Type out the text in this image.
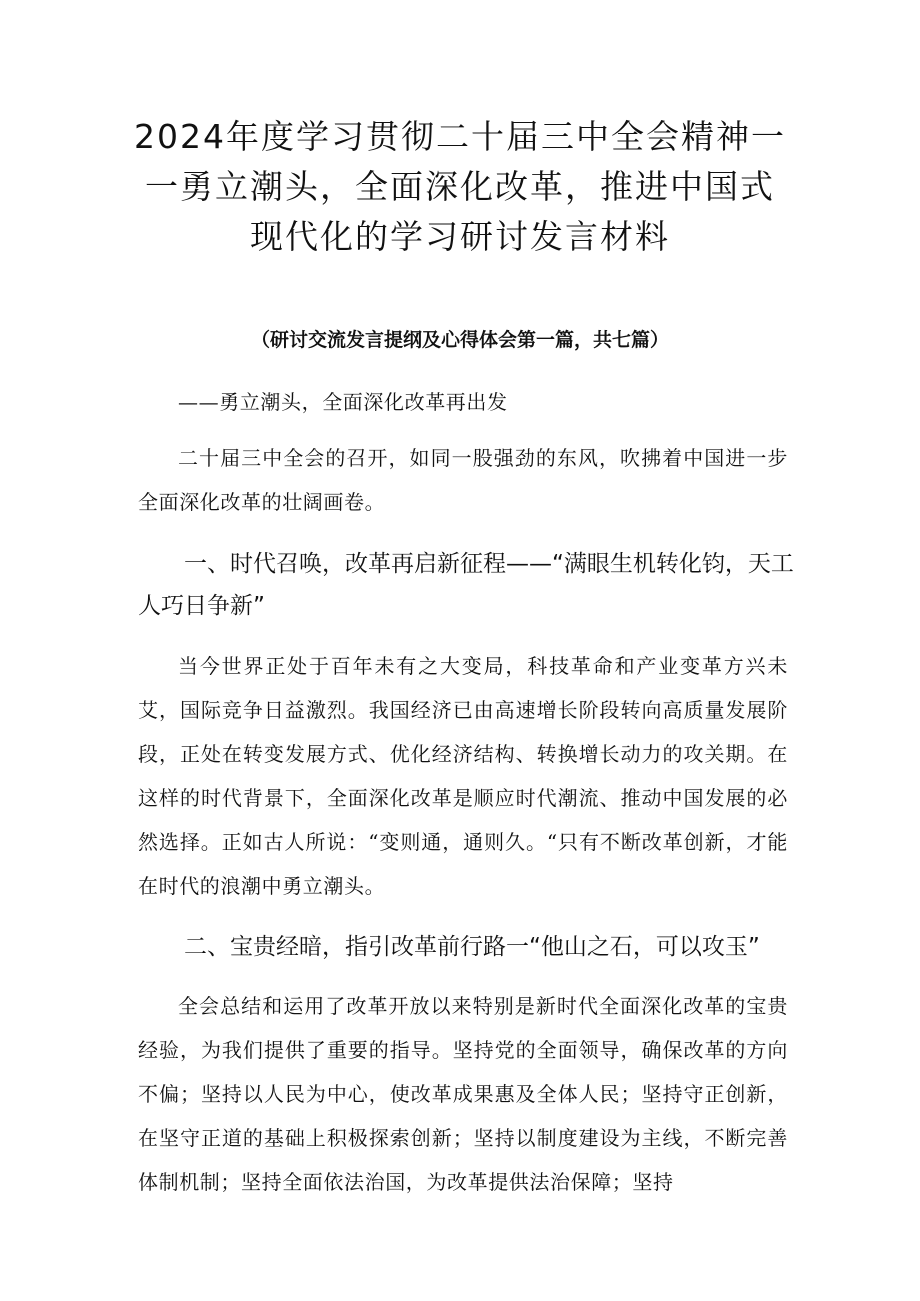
2024年度学习贯彻二十届三中全会精神一
一勇立潮头，全面深化改革，推进中国式
现代化的学习研讨发言材料

（研讨交流发言提纲及心得体会第一篇，共七篇）

——勇立潮头，全面深化改革再出发

二十届三中全会的召开，如同一股强劲的东风，吹拂着中国进一步全面深化改革的壮阔画卷。

一、时代召唤，改革再启新征程——“满眼生机转化钧，天工人巧日争新”

当今世界正处于百年未有之大变局，科技革命和产业变革方兴未艾，国际竞争日益激烈。我国经济已由高速增长阶段转向高质量发展阶段，正处在转变发展方式、优化经济结构、转换增长动力的攻关期。在这样的时代背景下，全面深化改革是顺应时代潮流、推动中国发展的必然选择。正如古人所说：“变则通，通则久。“只有不断改革创新，才能在时代的浪潮中勇立潮头。

二、宝贵经暗，指引改革前行路一“他山之石，可以攻玉”

全会总结和运用了改革开放以来特别是新时代全面深化改革的宝贵经验，为我们提供了重要的指导。坚持党的全面领导，确保改革的方向不偏；坚持以人民为中心，使改革成果惠及全体人民；坚持守正创新，在坚守正道的基础上积极探索创新；坚持以制度建设为主线，不断完善体制机制；坚持全面依法治国，为改革提供法治保障；坚持
